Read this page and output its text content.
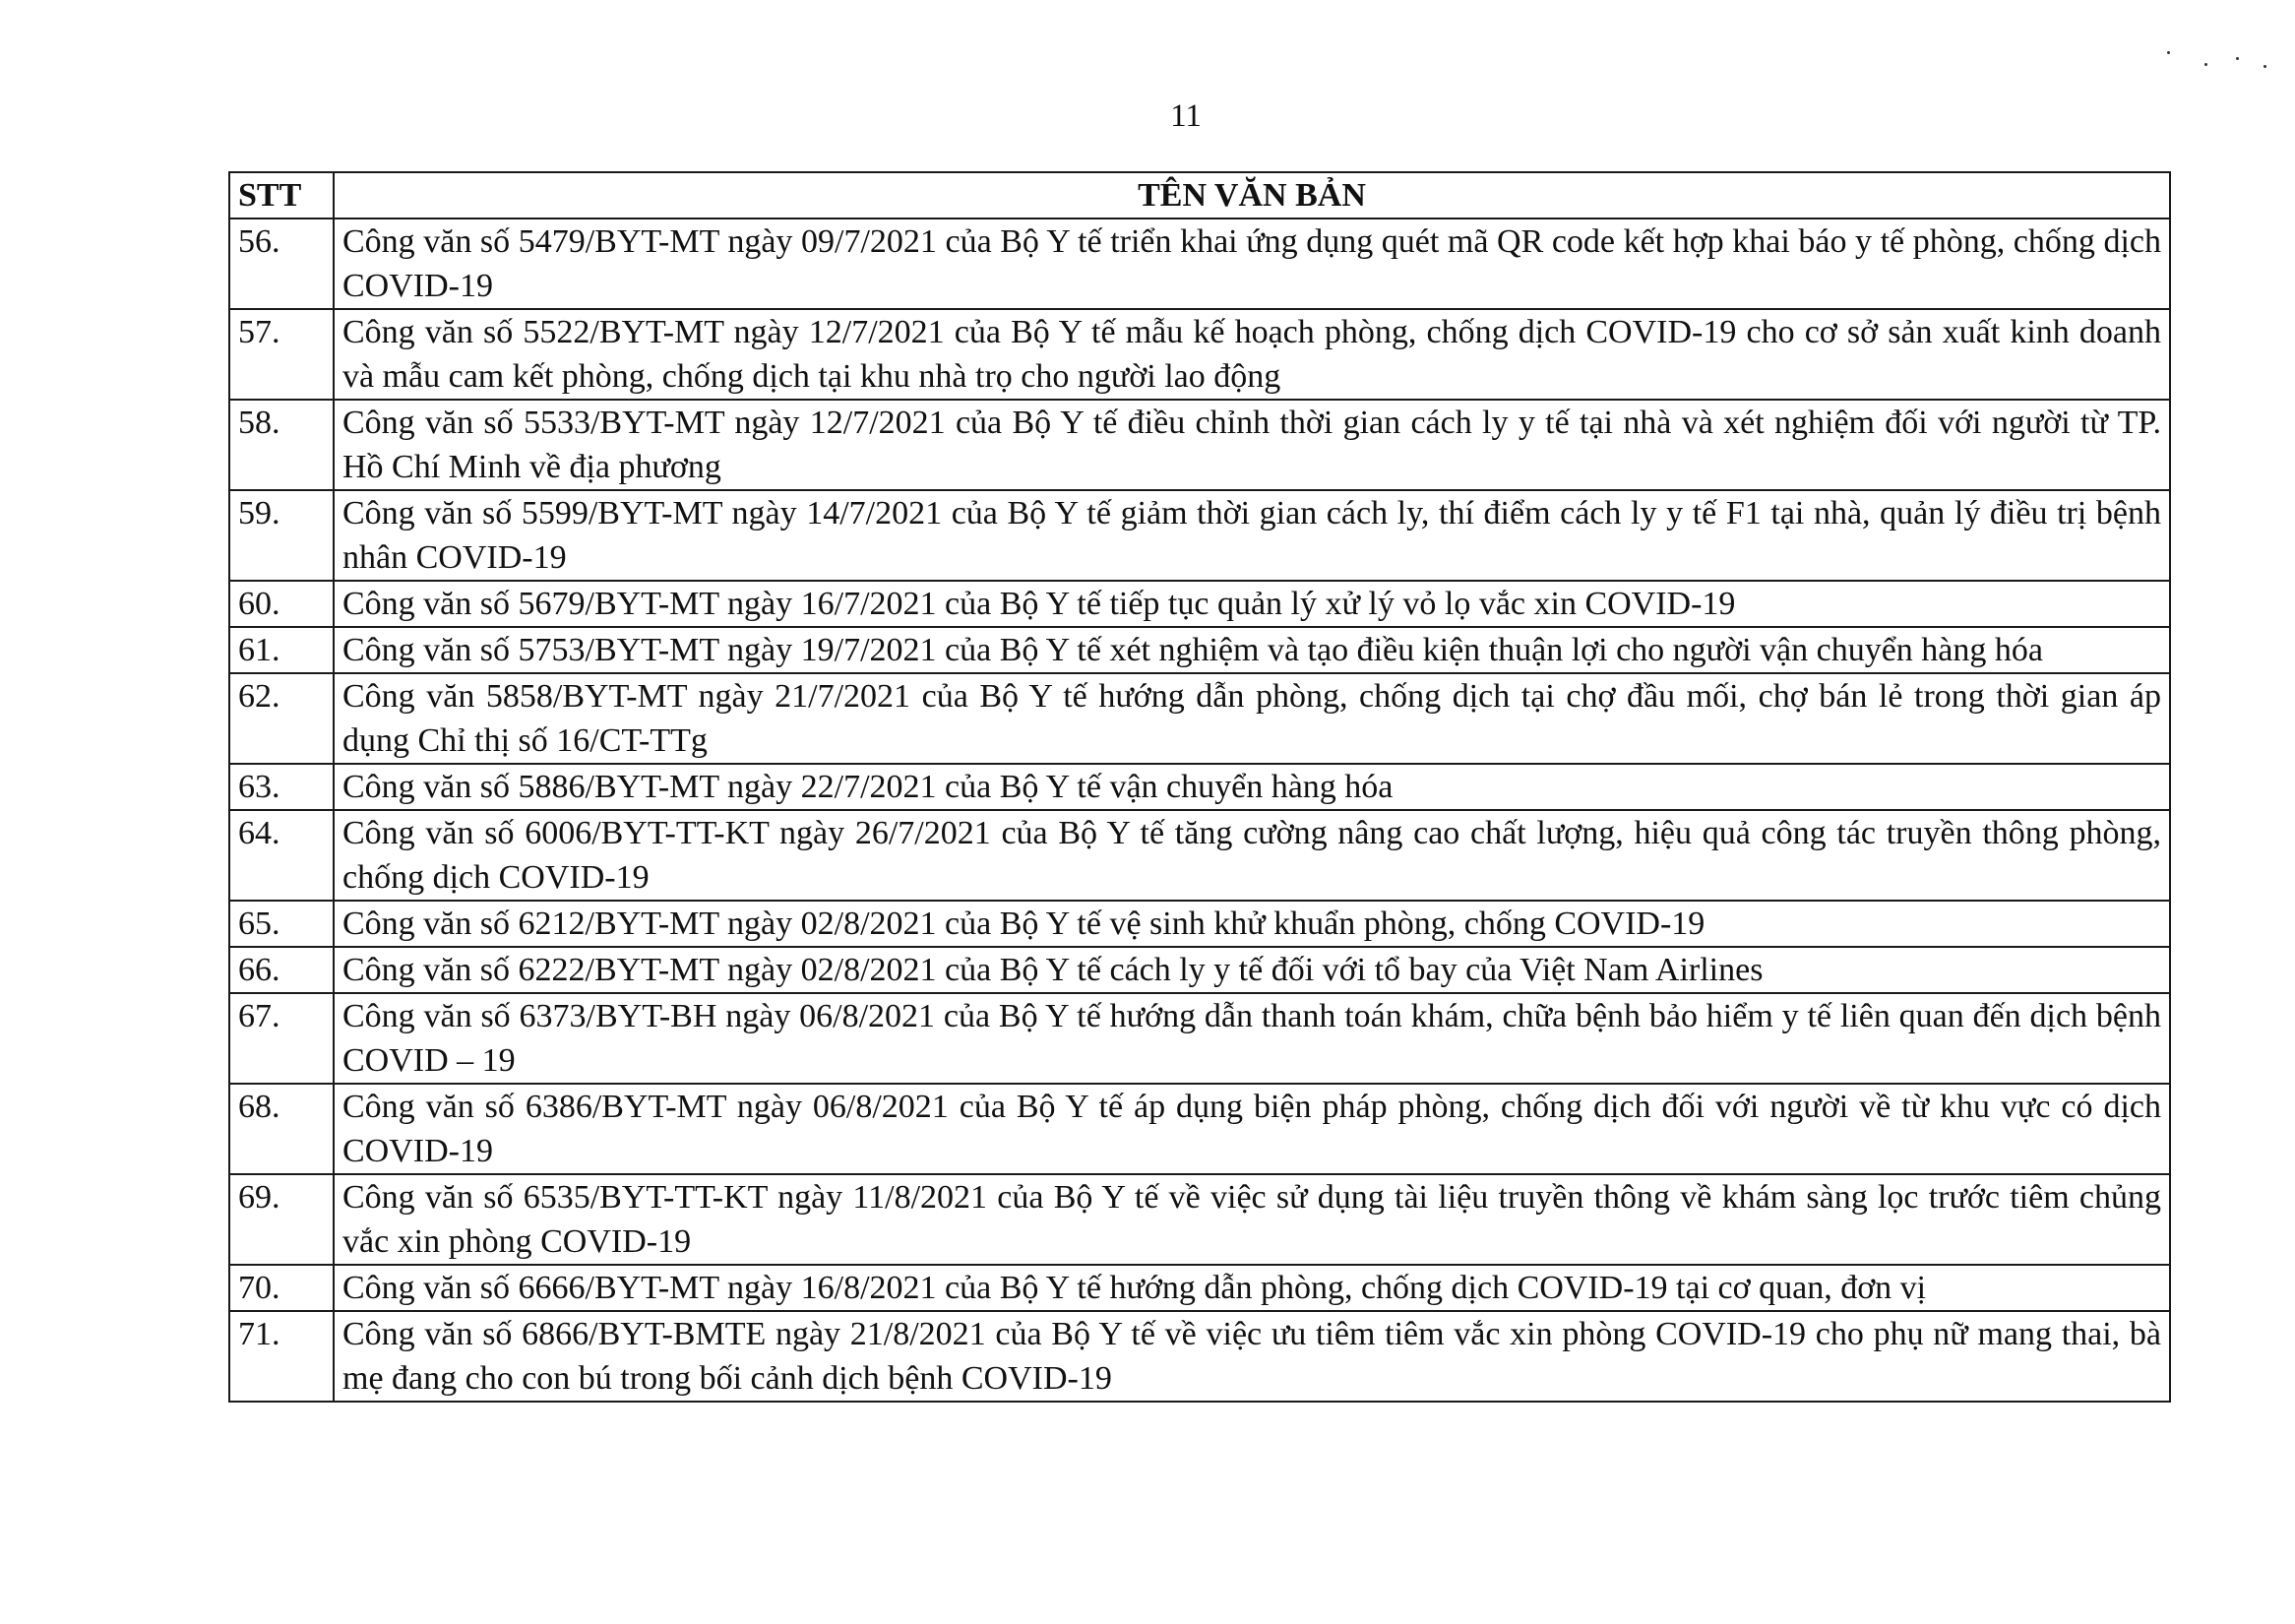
11
STT	TÊN VĂN BẢN
56.	Công văn số 5479/BYT-MT ngày 09/7/2021 của Bộ Y tế triển khai ứng dụng quét mã QR code kết hợp khai báo y tế phòng, chống dịch COVID-19
57.	Công văn số 5522/BYT-MT ngày 12/7/2021 của Bộ Y tế mẫu kế hoạch phòng, chống dịch COVID-19 cho cơ sở sản xuất kinh doanh và mẫu cam kết phòng, chống dịch tại khu nhà trọ cho người lao động
58.	Công văn số 5533/BYT-MT ngày 12/7/2021 của Bộ Y tế điều chỉnh thời gian cách ly y tế tại nhà và xét nghiệm đối với người từ TP. Hồ Chí Minh về địa phương
59.	Công văn số 5599/BYT-MT ngày 14/7/2021 của Bộ Y tế giảm thời gian cách ly, thí điểm cách ly y tế F1 tại nhà, quản lý điều trị bệnh nhân COVID-19
60.	Công văn số 5679/BYT-MT ngày 16/7/2021 của Bộ Y tế tiếp tục quản lý xử lý vỏ lọ vắc xin COVID-19
61.	Công văn số 5753/BYT-MT ngày 19/7/2021 của Bộ Y tế xét nghiệm và tạo điều kiện thuận lợi cho người vận chuyển hàng hóa
62.	Công văn 5858/BYT-MT ngày 21/7/2021 của Bộ Y tế hướng dẫn phòng, chống dịch tại chợ đầu mối, chợ bán lẻ trong thời gian áp dụng Chỉ thị số 16/CT-TTg
63.	Công văn số 5886/BYT-MT ngày 22/7/2021 của Bộ Y tế vận chuyển hàng hóa
64.	Công văn số 6006/BYT-TT-KT ngày 26/7/2021 của Bộ Y tế tăng cường nâng cao chất lượng, hiệu quả công tác truyền thông phòng, chống dịch COVID-19
65.	Công văn số 6212/BYT-MT ngày 02/8/2021 của Bộ Y tế vệ sinh khử khuẩn phòng, chống COVID-19
66.	Công văn số 6222/BYT-MT ngày 02/8/2021 của Bộ Y tế cách ly y tế đối với tổ bay của Việt Nam Airlines
67.	Công văn số 6373/BYT-BH ngày 06/8/2021 của Bộ Y tế hướng dẫn thanh toán khám, chữa bệnh bảo hiểm y tế liên quan đến dịch bệnh COVID – 19
68.	Công văn số 6386/BYT-MT ngày 06/8/2021 của Bộ Y tế áp dụng biện pháp phòng, chống dịch đối với người về từ khu vực có dịch COVID-19
69.	Công văn số 6535/BYT-TT-KT ngày 11/8/2021 của Bộ Y tế về việc sử dụng tài liệu truyền thông về khám sàng lọc trước tiêm chủng vắc xin phòng COVID-19
70.	Công văn số 6666/BYT-MT ngày 16/8/2021 của Bộ Y tế hướng dẫn phòng, chống dịch COVID-19 tại cơ quan, đơn vị
71.	Công văn số 6866/BYT-BMTE ngày 21/8/2021 của Bộ Y tế về việc ưu tiêm tiêm vắc xin phòng COVID-19 cho phụ nữ mang thai, bà mẹ đang cho con bú trong bối cảnh dịch bệnh COVID-19
